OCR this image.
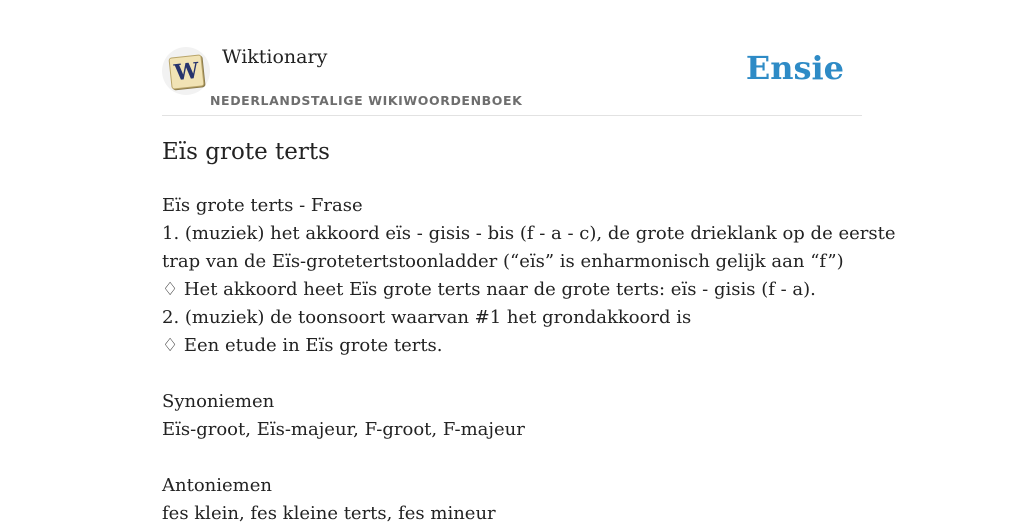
W
Wiktionary
NEDERLANDSTALIGE WIKIWOORDENBOEK
Ensie
Eïs grote terts
Eïs grote terts - Frase
1. (muziek) het akkoord eïs - gisis - bis (f - a - c), de grote drieklank op de eerste
trap van de Eïs-grotetertstoonladder (“eïs” is enharmonisch gelijk aan “f”)
♢ Het akkoord heet Eïs grote terts naar de grote terts: eïs - gisis (f - a).
2. (muziek) de toonsoort waarvan #1 het grondakkoord is
♢ Een etude in Eïs grote terts.
Synoniemen
Eïs-groot, Eïs-majeur, F-groot, F-majeur
Antoniemen
fes klein, fes kleine terts, fes mineur
